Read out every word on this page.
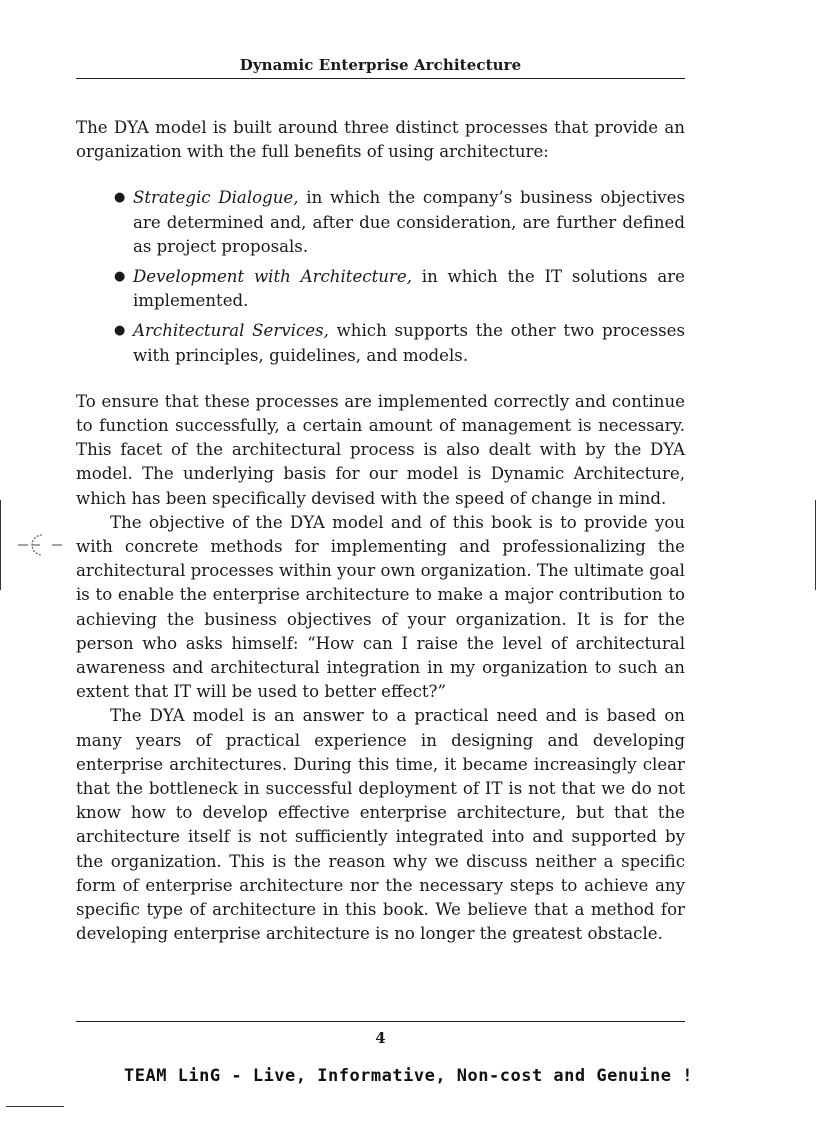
Dynamic Enterprise Architecture

The DYA model is built around three distinct processes that provide an organization with the full benefits of using architecture:

● Strategic Dialogue, in which the company’s business objectives are determined and, after due consideration, are further defined as project proposals.
● Development with Architecture, in which the IT solutions are implemented.
● Architectural Services, which supports the other two processes with principles, guidelines, and models.

To ensure that these processes are implemented correctly and continue to function successfully, a certain amount of management is necessary. This facet of the architectural process is also dealt with by the DYA model. The underlying basis for our model is Dynamic Architecture, which has been specifically devised with the speed of change in mind.

The objective of the DYA model and of this book is to provide you with concrete methods for implementing and professionalizing the architectural processes within your own organization. The ultimate goal is to enable the enterprise architecture to make a major contribution to achieving the business objectives of your organization. It is for the person who asks himself: “How can I raise the level of architectural awareness and architectural integration in my organization to such an extent that IT will be used to better effect?”

The DYA model is an answer to a practical need and is based on many years of practical experience in designing and developing enterprise architectures. During this time, it became increasingly clear that the bottleneck in successful deployment of IT is not that we do not know how to develop effective enterprise architecture, but that the architecture itself is not sufficiently integrated into and supported by the organization. This is the reason why we discuss neither a specific form of enterprise architecture nor the necessary steps to achieve any specific type of architecture in this book. We believe that a method for developing enterprise architecture is no longer the greatest obstacle.

4
TEAM LinG - Live, Informative, Non-cost and Genuine !
